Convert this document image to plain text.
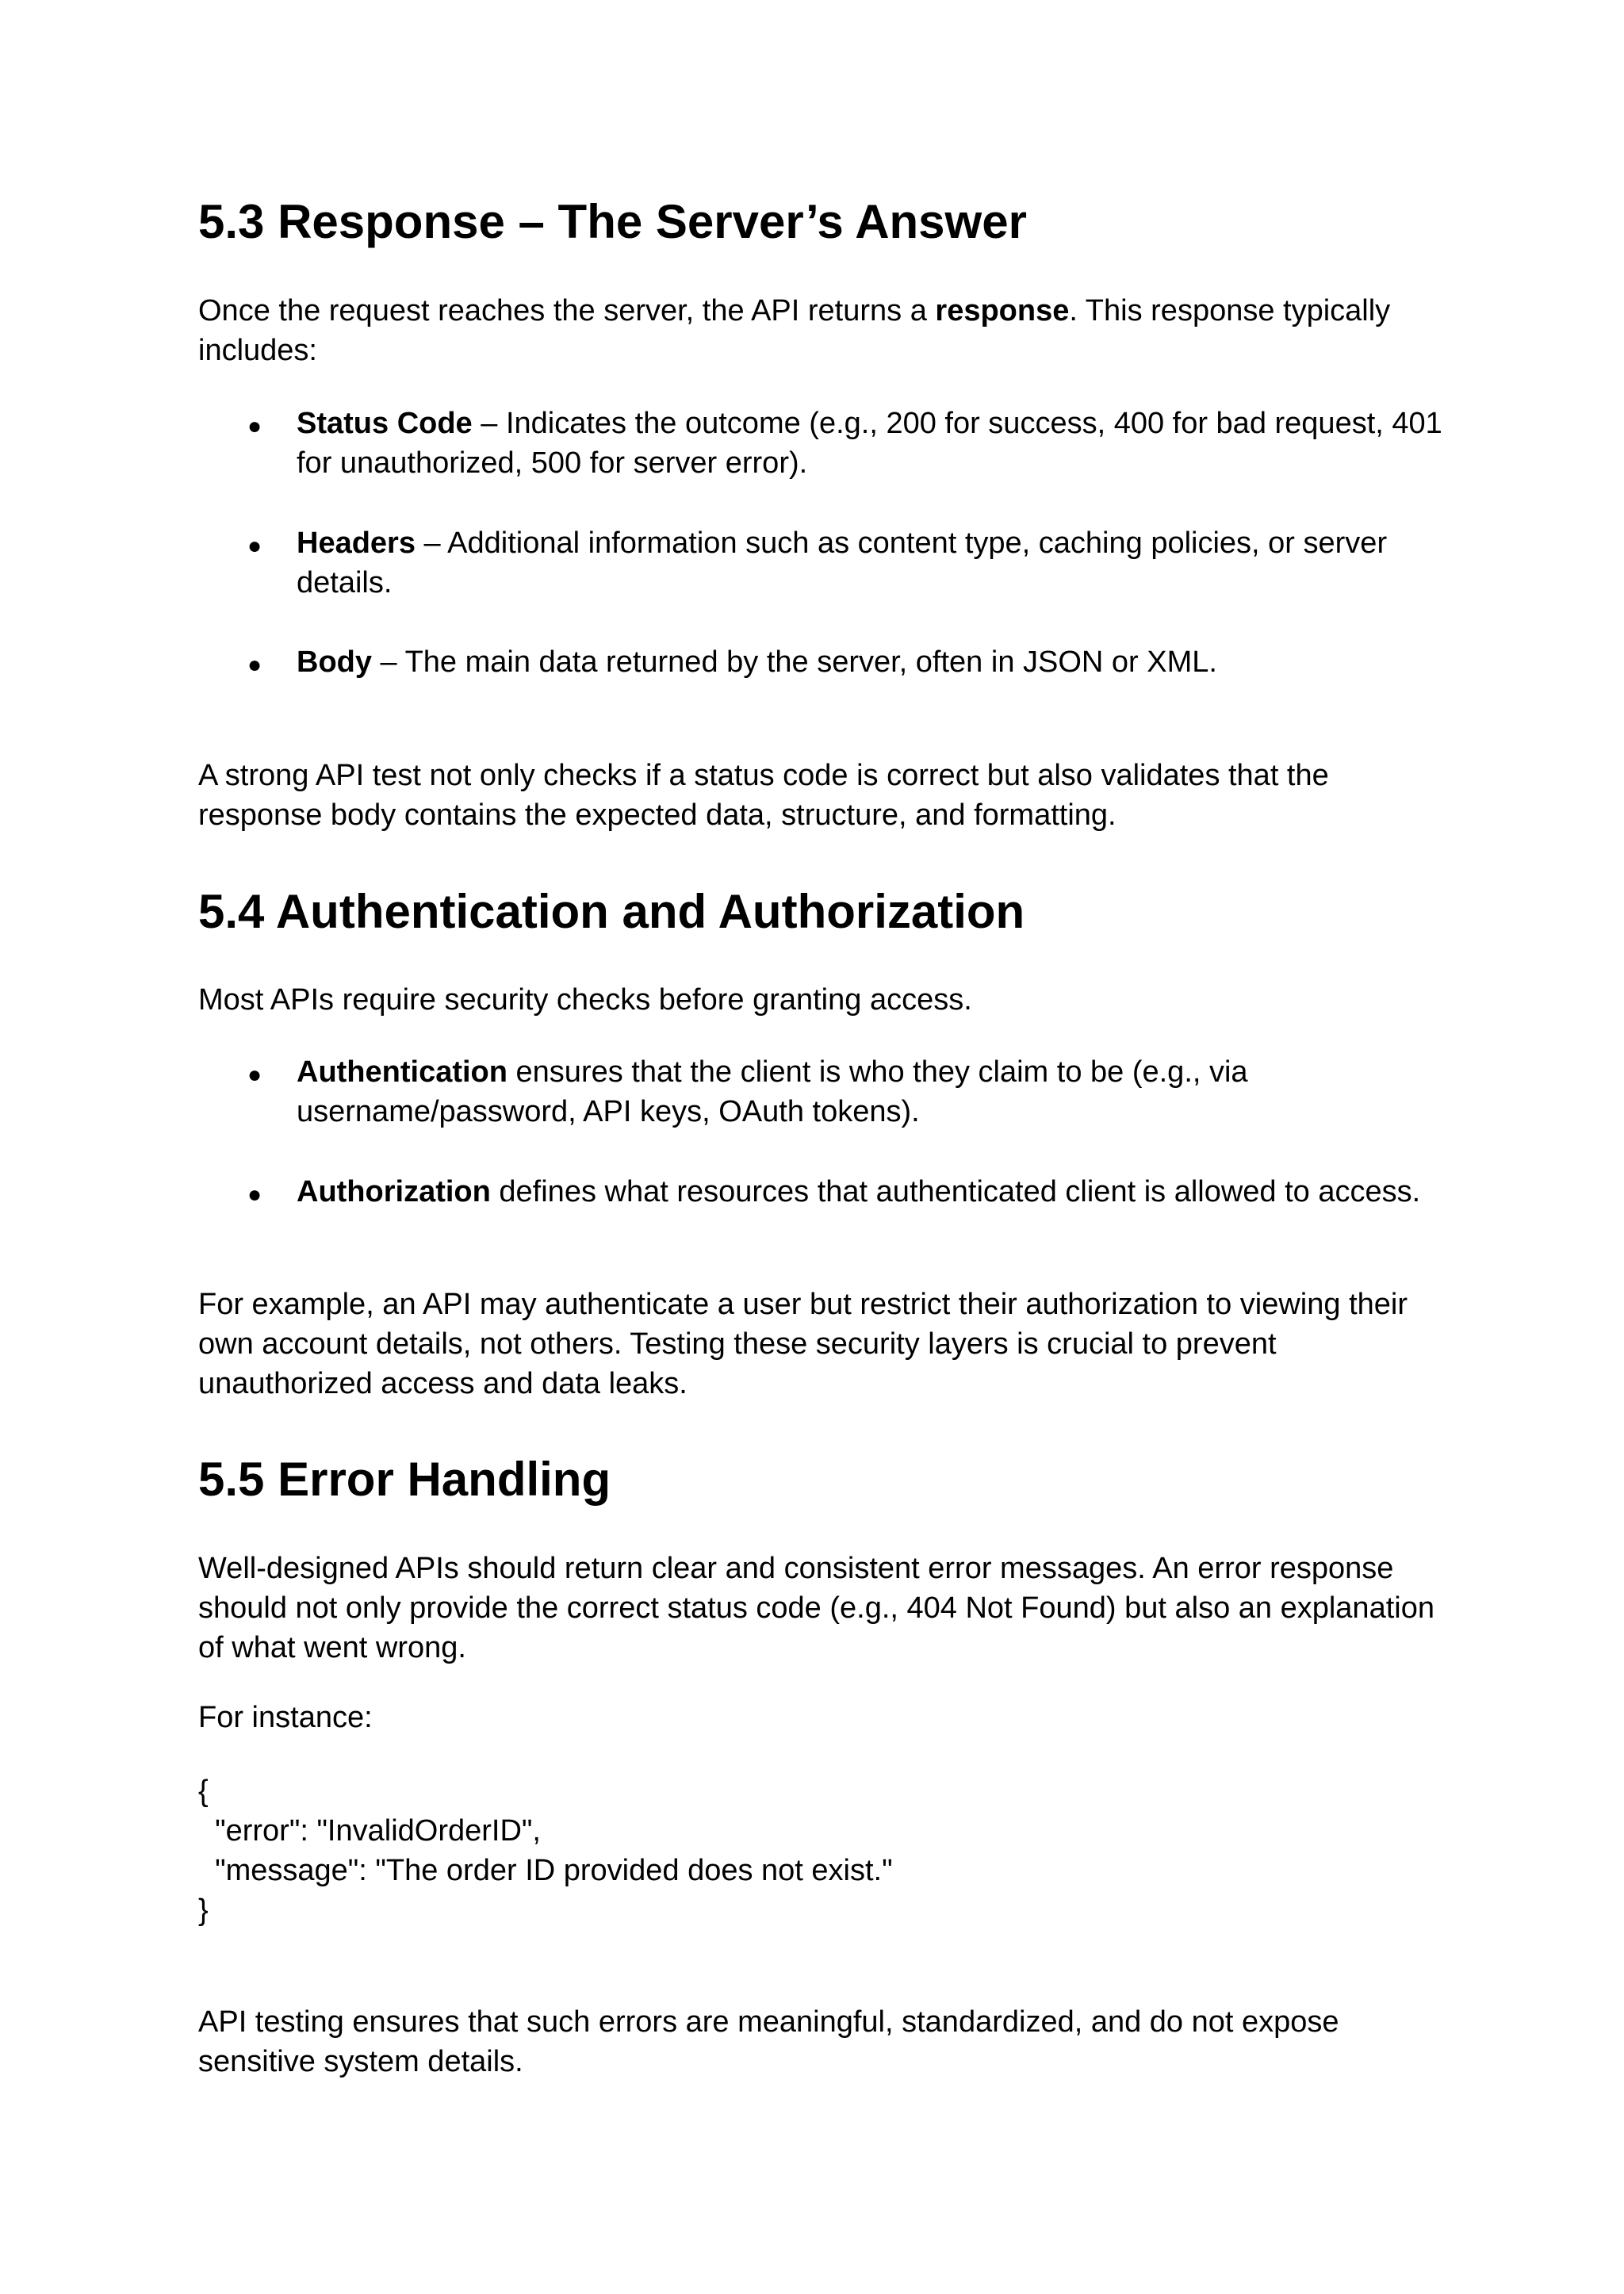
5.3 Response – The Server’s Answer

Once the request reaches the server, the API returns a response. This response typically includes:

● Status Code – Indicates the outcome (e.g., 200 for success, 400 for bad request, 401 for unauthorized, 500 for server error).

● Headers – Additional information such as content type, caching policies, or server details.

● Body – The main data returned by the server, often in JSON or XML.

A strong API test not only checks if a status code is correct but also validates that the response body contains the expected data, structure, and formatting.

5.4 Authentication and Authorization

Most APIs require security checks before granting access.

● Authentication ensures that the client is who they claim to be (e.g., via username/password, API keys, OAuth tokens).

● Authorization defines what resources that authenticated client is allowed to access.

For example, an API may authenticate a user but restrict their authorization to viewing their own account details, not others. Testing these security layers is crucial to prevent unauthorized access and data leaks.

5.5 Error Handling

Well-designed APIs should return clear and consistent error messages. An error response should not only provide the correct status code (e.g., 404 Not Found) but also an explanation of what went wrong.

For instance:

{
"error": "InvalidOrderID",
"message": "The order ID provided does not exist."
}

API testing ensures that such errors are meaningful, standardized, and do not expose sensitive system details.
